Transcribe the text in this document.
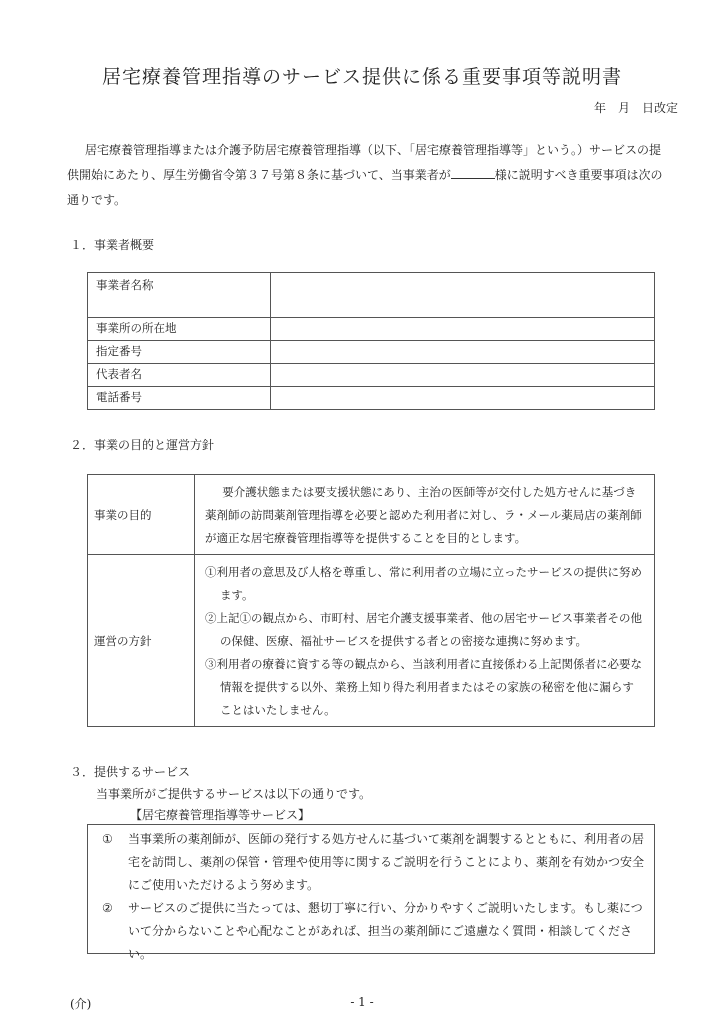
居宅療養管理指導のサービス提供に係る重要事項等説明書
年　月　日改定

居宅療養管理指導または介護予防居宅療養管理指導（以下、「居宅療養管理指導等」という。）サービスの提供開始にあたり、厚生労働省令第３７号第８条に基づいて、当事業者が	様に説明すべき重要事項は次の通りです。

１．事業者概要
事業者名称	
事業所の所在地	
指定番号	
代表者名	
電話番号	
２．事業の目的と運営方針
事業の目的	要介護状態または要支援状態にあり、主治の医師等が交付した処方せんに基づき薬剤師の訪問薬剤管理指導を必要と認めた利用者に対し、ラ・メール薬局店の薬剤師が適正な居宅療養管理指導等を提供することを目的とします。

運営の方針	①利用者の意思及び人格を尊重し、常に利用者の立場に立ったサービスの提供に努めます。

②上記①の観点から、市町村、居宅介護支援事業者、他の居宅サービス事業者その他の保健、医療、福祉サービスを提供する者との密接な連携に努めます。

③利用者の療養に資する等の観点から、当該利用者に直接係わる上記関係者に必要な情報を提供する以外、業務上知り得た利用者またはその家族の秘密を他に漏らすことはいたしません。

３．提供するサービス
当事業所がご提供するサービスは以下の通りです。
【居宅療養管理指導等サービス】
①	当事業所の薬剤師が、医師の発行する処方せんに基づいて薬剤を調製するとともに、利用者の居宅を訪問し、薬剤の保管・管理や使用等に関するご説明を行うことにより、薬剤を有効かつ安全にご使用いただけるよう努めます。
②	サービスのご提供に当たっては、懇切丁寧に行い、分かりやすくご説明いたします。もし薬について分からないことや心配なことがあれば、担当の薬剤師にご遠慮なく質問・相談してください。
(介)	- 1 -
